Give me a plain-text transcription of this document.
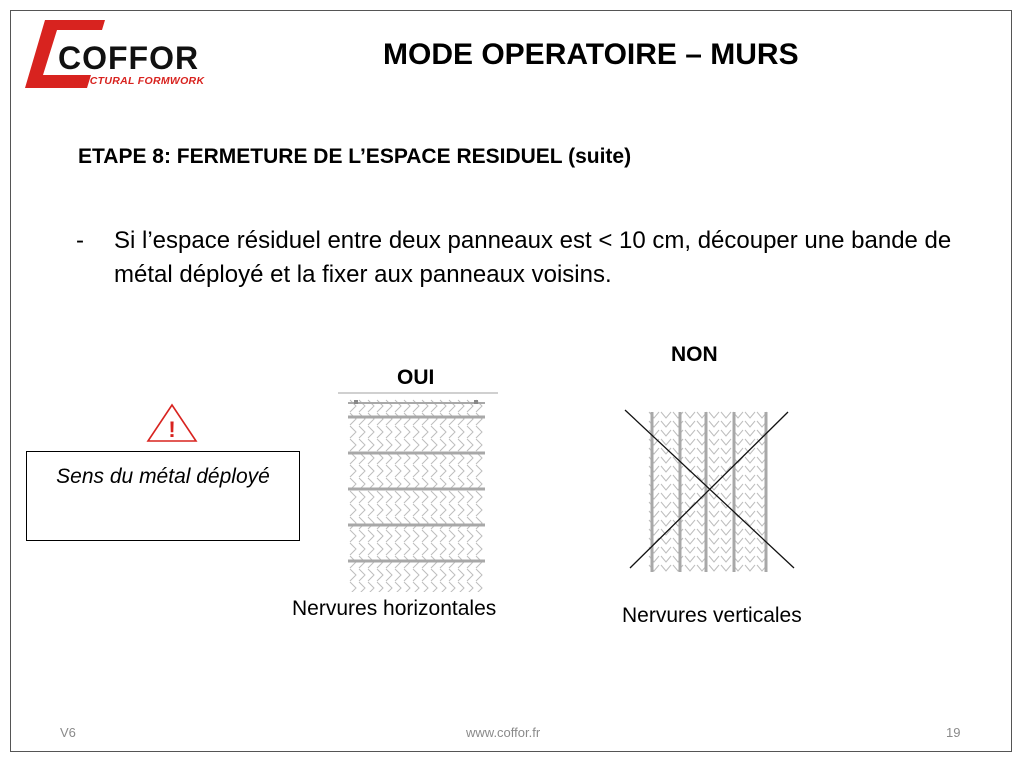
COFFOR
STRUCTURAL FORMWORK
MODE OPERATOIRE – MURS
ETAPE 8: FERMETURE DE L’ESPACE RESIDUEL (suite)
- Si l’espace résiduel entre deux panneaux est < 10 cm, découper une bande de métal déployé et la fixer aux panneaux voisins.
!
Sens du métal déployé
OUI
NON
Nervures horizontales	Nervures verticales
V6	www.coffor.fr	19
